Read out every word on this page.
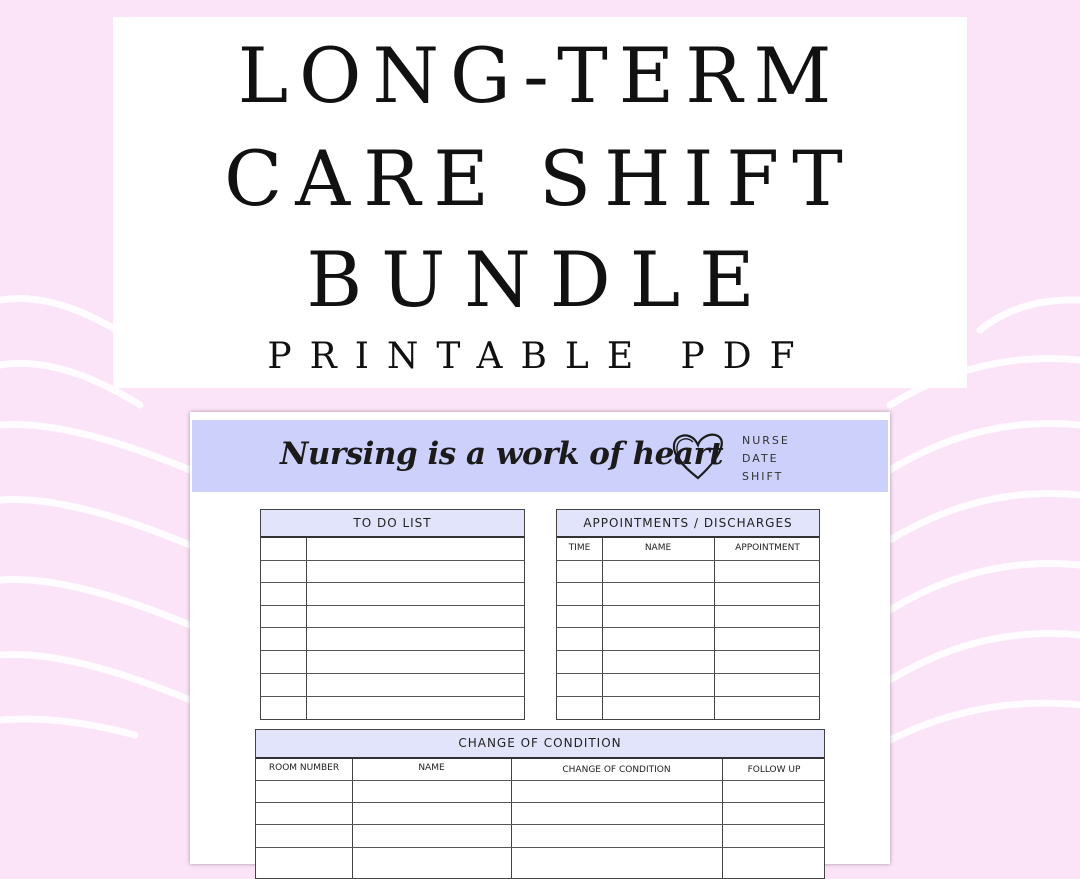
LONG-TERM
CARE SHIFT
BUNDLE
PRINTABLE PDF
Nursing is a work of heart NURSE
DATE
SHIFT
TO DO LIST	APPOINTMENTS / DISCHARGES
TIME	NAME	APPOINTMENT
CHANGE OF CONDITION
ROOM NUMBER	NAME	CHANGE OF CONDITION	FOLLOW UP
